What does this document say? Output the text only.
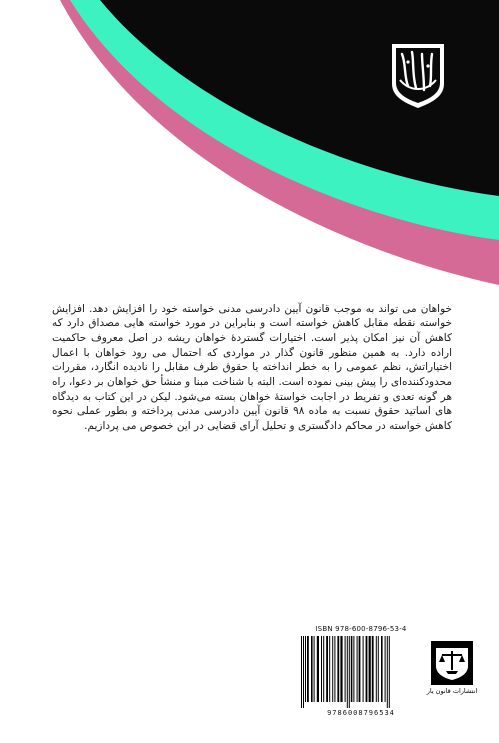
خواهان می تواند به موجب قانون آیین دادرسی مدنی خواسته خود را افزایش دهد. افزایش خواسته نقطه مقابل کاهش خواسته است و بنابراین در مورد خواسته هایی مصداق دارد که کاهش آن نیز امکان پذیر است. اختیارات گستردهٔ خواهان ریشه در اصل معروف حاکمیت اراده دارد. به همین منظور قانون گذار در مواردی که احتمال می رود خواهان با اعمال اختیاراتش، نظم عمومی را به خطر انداخته یا حقوق طرف مقابل را نادیده انگارد، مقررات محدودکننده‌ای را پیش بینی نموده است. البته با شناخت مبنا و منشأ حق خواهان بر دعوا، راه هر گونه تعدی و تفریط در اجابت خواستهٔ خواهان بسته می‌شود. لیکن در این کتاب به دیدگاه های اساتید حقوق نسبت به ماده ۹۸ قانون آیین دادرسی مدنی پرداخته و بطور عملی نحوه کاهش خواسته در محاکم دادگستری و تحلیل آرای قضایی در این خصوص می پردازیم.

ISBN 978-600-8796-53-4
9786008796534
انتشارات قانون یار
